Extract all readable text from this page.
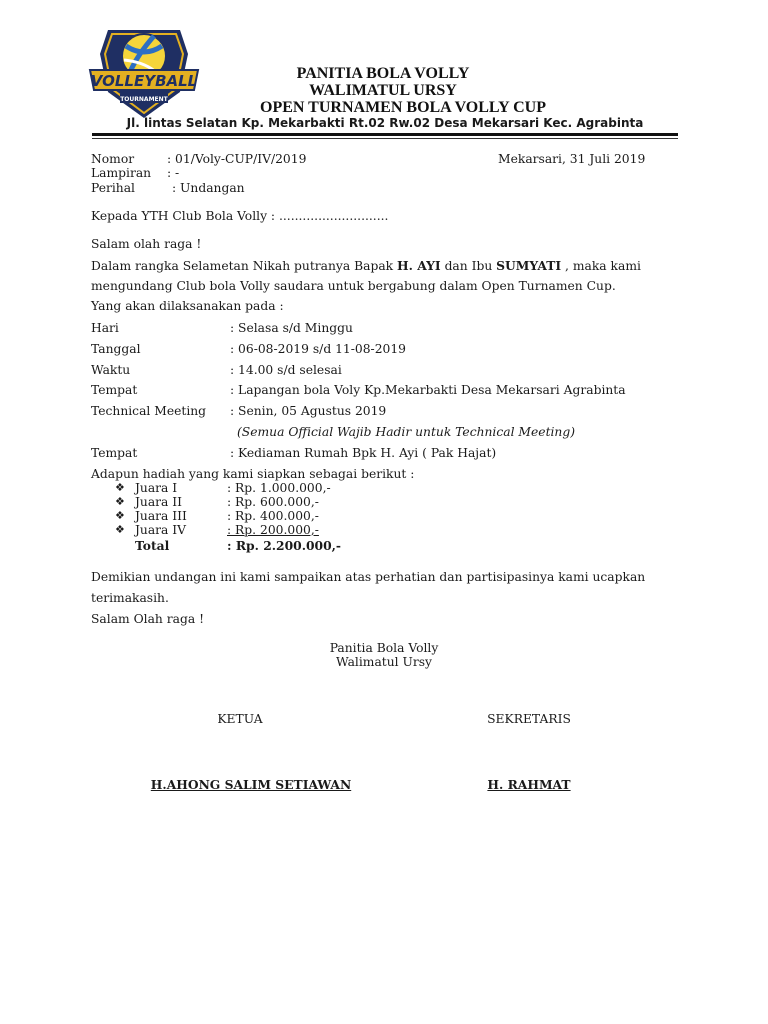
VOLLEYBALL
TOURNAMENT
PANITIA BOLA VOLLY
WALIMATUL URSY
OPEN TURNAMEN BOLA VOLLY CUP
Jl. lintas Selatan Kp. Mekarbakti Rt.02 Rw.02 Desa Mekarsari Kec. Agrabinta
Nomor	: 01/Voly-CUP/IV/2019	Mekarsari, 31 Juli 2019
Lampiran : -
Perihal	: Undangan
Kepada YTH Club Bola Volly : ............................
Salam olah raga !
Dalam rangka Selametan Nikah putranya Bapak H. AYI dan Ibu SUMYATI , maka kami
mengundang Club bola Volly saudara untuk bergabung dalam Open Turnamen Cup.
Yang akan dilaksanakan pada :
Hari	: Selasa s/d Minggu
Tanggal	: 06-08-2019 s/d 11-08-2019
Waktu	: 14.00 s/d selesai
Tempat	: Lapangan bola Voly Kp.Mekarbakti Desa Mekarsari Agrabinta
Technical Meeting : Senin, 05 Agustus 2019
(Semua Official Wajib Hadir untuk Technical Meeting)
Tempat	: Kediaman Rumah Bpk H. Ayi ( Pak Hajat)
Adapun hadiah yang kami siapkan sebagai berikut :
❖ Juara I	: Rp. 1.000.000,-
❖ Juara II	: Rp. 600.000,-
❖ Juara III	: Rp. 400.000,-
❖ Juara IV	: Rp. 200.000,-
Total	: Rp. 2.200.000,-
Demikian undangan ini kami sampaikan atas perhatian dan partisipasinya kami ucapkan
terimakasih.
Salam Olah raga !
Panitia Bola Volly
Walimatul Ursy
KETUA	SEKRETARIS
H.AHONG SALIM SETIAWAN	H. RAHMAT
